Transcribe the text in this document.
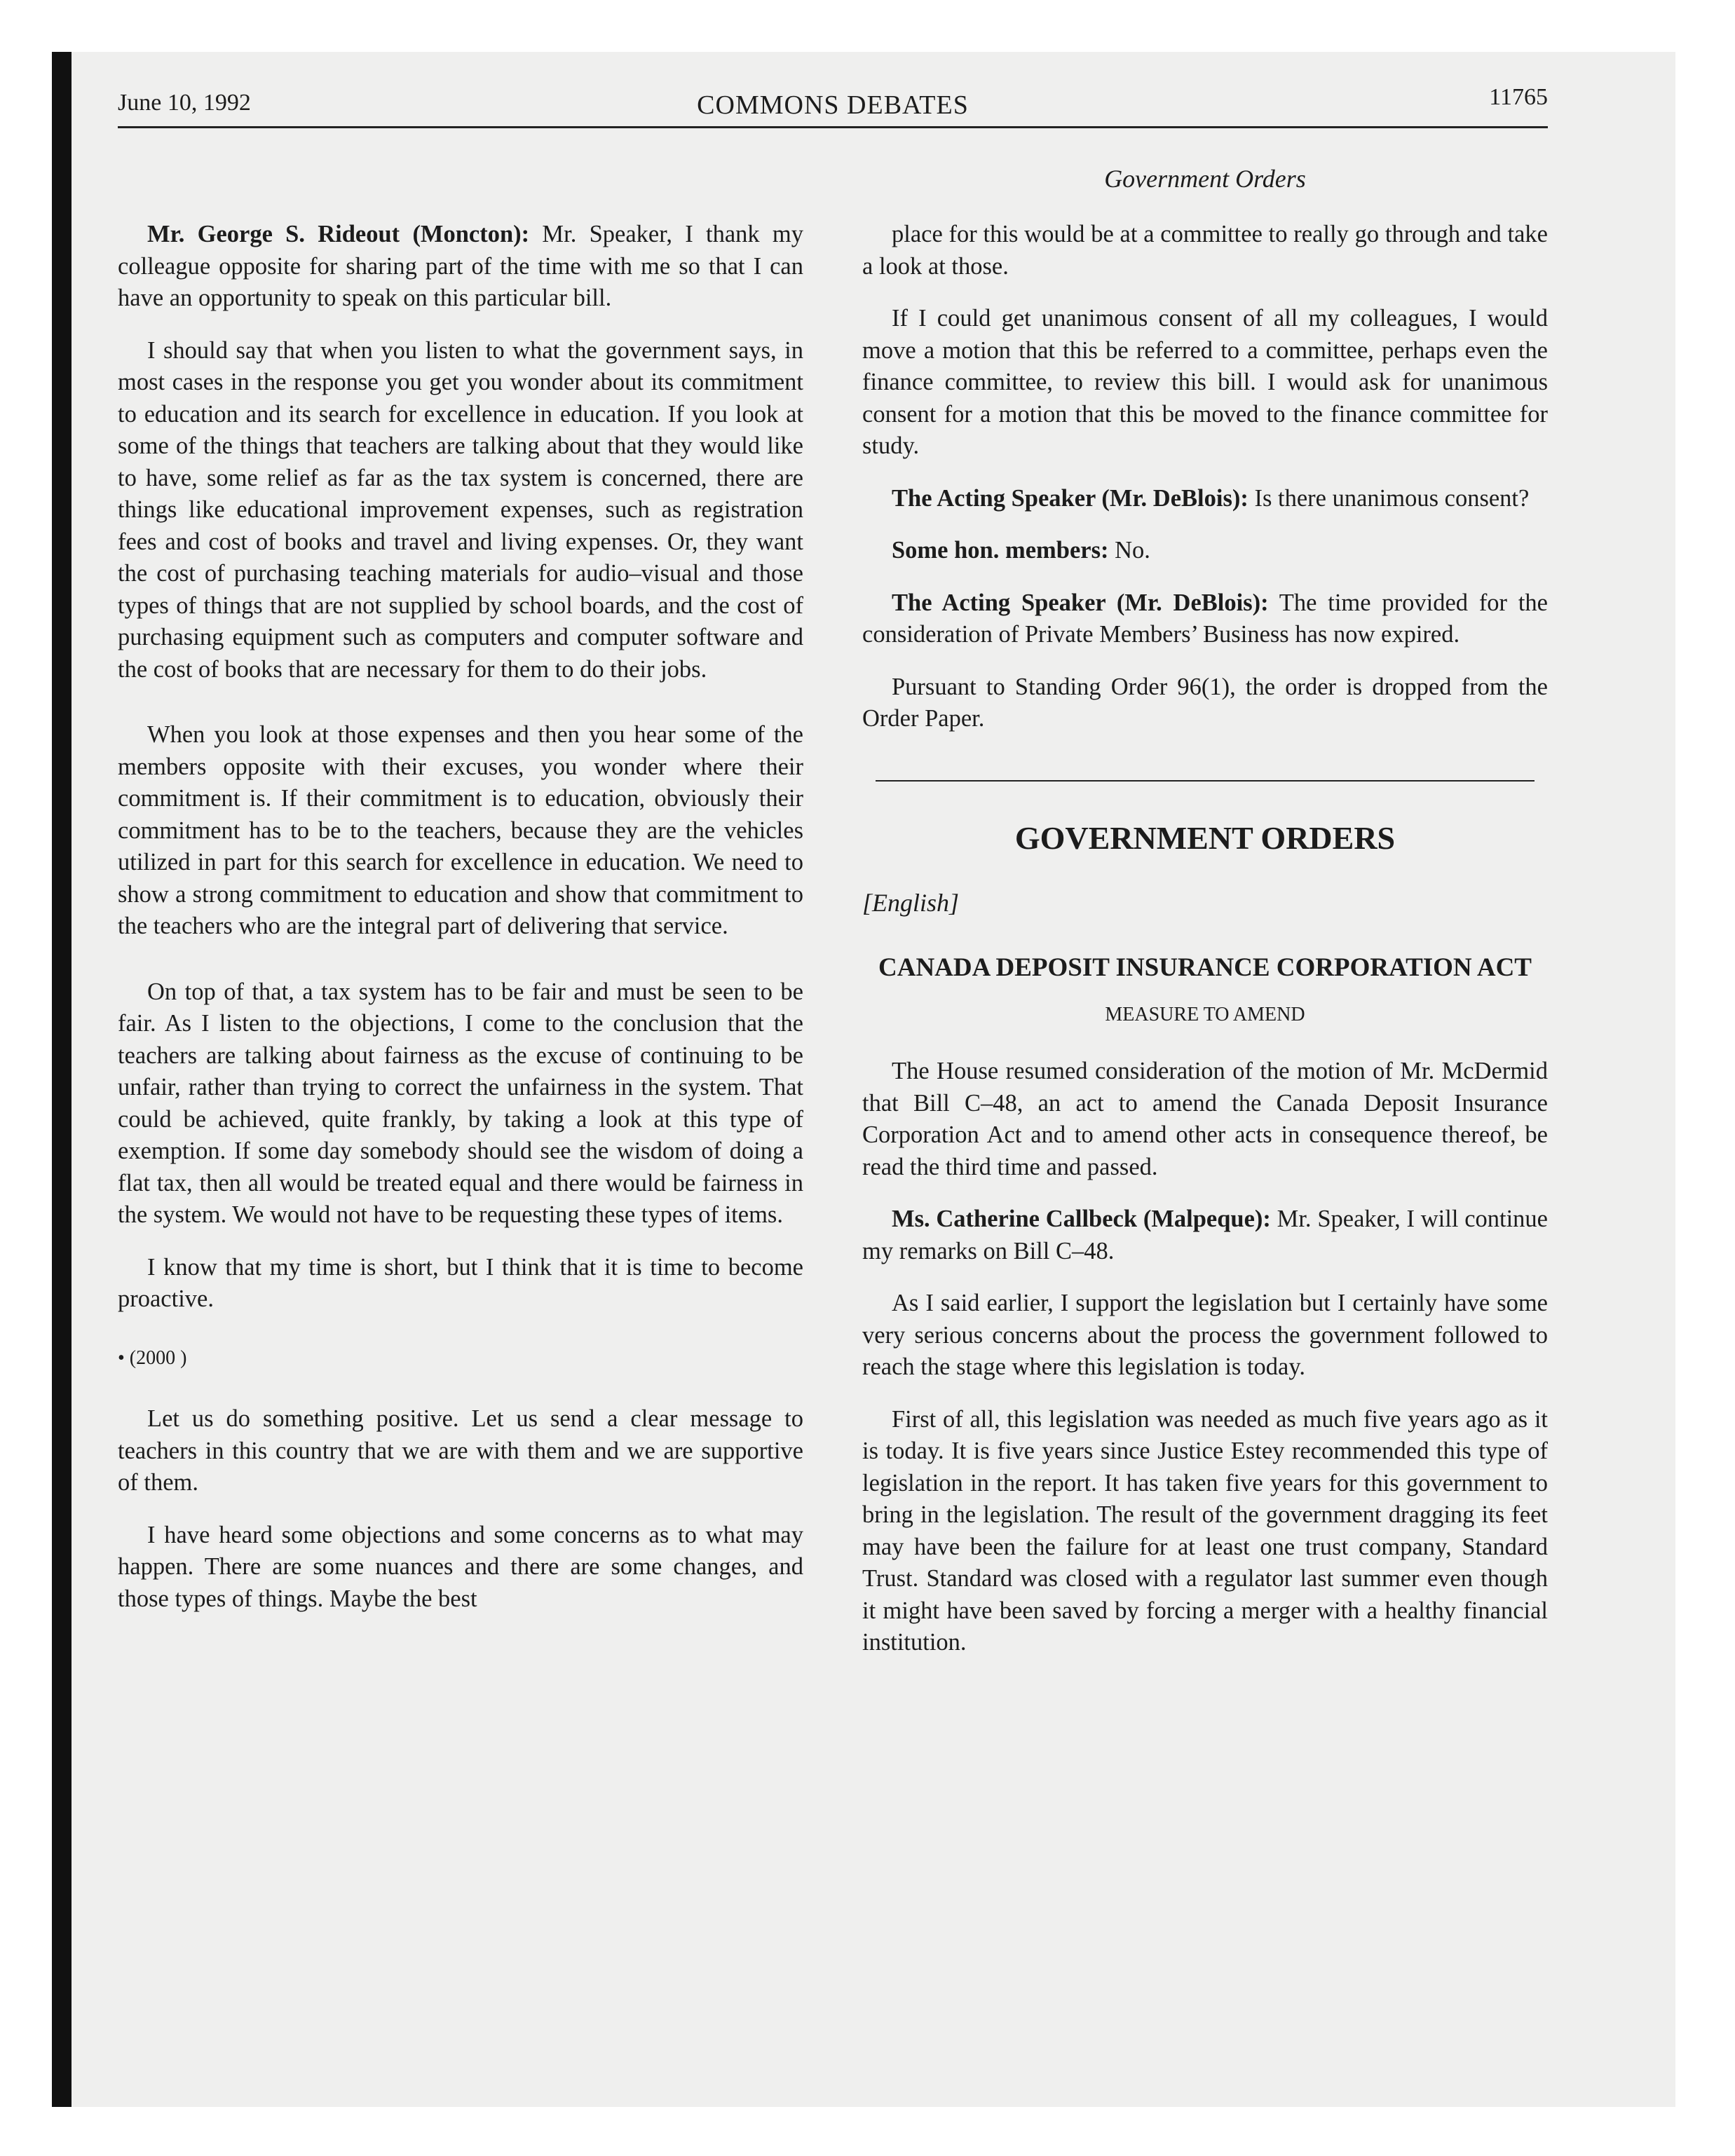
June 10, 1992	COMMONS DEBATES	11765
Government Orders

Mr. George S. Rideout (Moncton): Mr. Speaker, I thank my colleague opposite for sharing part of the time with me so that I can have an opportunity to speak on this particular bill.

I should say that when you listen to what the government says, in most cases in the response you get you wonder about its commitment to education and its search for excellence in education. If you look at some of the things that teachers are talking about that they would like to have, some relief as far as the tax system is concerned, there are things like educational improvement expenses, such as registration fees and cost of books and travel and living expenses. Or, they want the cost of purchasing teaching materials for audio–visual and those types of things that are not supplied by school boards, and the cost of purchasing equipment such as computers and computer software and the cost of books that are necessary for them to do their jobs.

When you look at those expenses and then you hear some of the members opposite with their excuses, you wonder where their commitment is. If their commitment is to education, obviously their commitment has to be to the teachers, because they are the vehicles utilized in part for this search for excellence in education. We need to show a strong commitment to education and show that commitment to the teachers who are the integral part of delivering that service.

On top of that, a tax system has to be fair and must be seen to be fair. As I listen to the objections, I come to the conclusion that the teachers are talking about fairness as the excuse of continuing to be unfair, rather than trying to correct the unfairness in the system. That could be achieved, quite frankly, by taking a look at this type of exemption. If some day somebody should see the wisdom of doing a flat tax, then all would be treated equal and there would be fairness in the system. We would not have to be requesting these types of items.

I know that my time is short, but I think that it is time to become proactive.

• (2000 )

Let us do something positive. Let us send a clear message to teachers in this country that we are with them and we are supportive of them.

I have heard some objections and some concerns as to what may happen. There are some nuances and there are some changes, and those types of things. Maybe the best

place for this would be at a committee to really go through and take a look at those.

If I could get unanimous consent of all my colleagues, I would move a motion that this be referred to a committee, perhaps even the finance committee, to review this bill. I would ask for unanimous consent for a motion that this be moved to the finance committee for study.

The Acting Speaker (Mr. DeBlois): Is there unanimous consent?

Some hon. members: No.

The Acting Speaker (Mr. DeBlois): The time provided for the consideration of Private Members’ Business has now expired.

Pursuant to Standing Order 96(1), the order is dropped from the Order Paper.

GOVERNMENT ORDERS
[English]
CANADA DEPOSIT INSURANCE CORPORATION ACT
MEASURE TO AMEND

The House resumed consideration of the motion of Mr. McDermid that Bill C–48, an act to amend the Canada Deposit Insurance Corporation Act and to amend other acts in consequence thereof, be read the third time and passed.

Ms. Catherine Callbeck (Malpeque): Mr. Speaker, I will continue my remarks on Bill C–48.

As I said earlier, I support the legislation but I certainly have some very serious concerns about the process the government followed to reach the stage where this legislation is today.

First of all, this legislation was needed as much five years ago as it is today. It is five years since Justice Estey recommended this type of legislation in the report. It has taken five years for this government to bring in the legislation. The result of the government dragging its feet may have been the failure for at least one trust company, Standard Trust. Standard was closed with a regulator last summer even though it might have been saved by forcing a merger with a healthy financial institution.
